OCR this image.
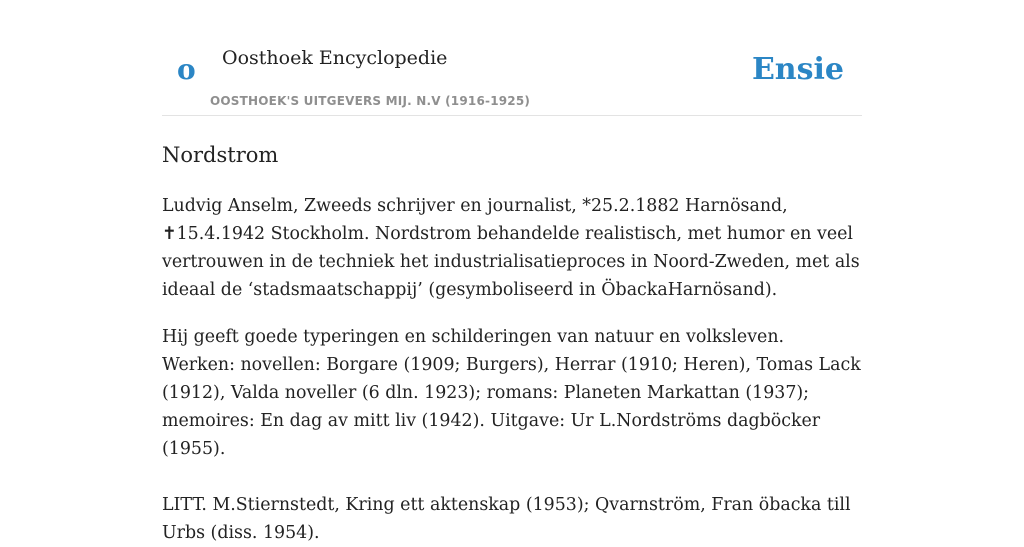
o Oosthoek Encyclopedie
OOSTHOEK'S UITGEVERS MIJ. N.V (1916-1925)
Ensie
Nordstrom

Ludvig Anselm, Zweeds schrijver en journalist, *25.2.1882 Harnösand, ✝15.4.1942 Stockholm. Nordstrom behandelde realistisch, met humor en veel vertrouwen in de techniek het industrialisatieproces in Noord-Zweden, met als ideaal de ‘stadsmaatschappij’ (gesymboliseerd in ÖbackaHarnösand).

Hij geeft goede typeringen en schilderingen van natuur en volksleven. Werken: novellen: Borgare (1909; Burgers), Herrar (1910; Heren), Tomas Lack (1912), Valda noveller (6 dln. 1923); romans: Planeten Markattan (1937); memoires: En dag av mitt liv (1942). Uitgave: Ur L.Nordströms dagböcker (1955).

LITT. M.Stiernstedt, Kring ett aktenskap (1953); Qvarnström, Fran öbacka till Urbs (diss. 1954).
